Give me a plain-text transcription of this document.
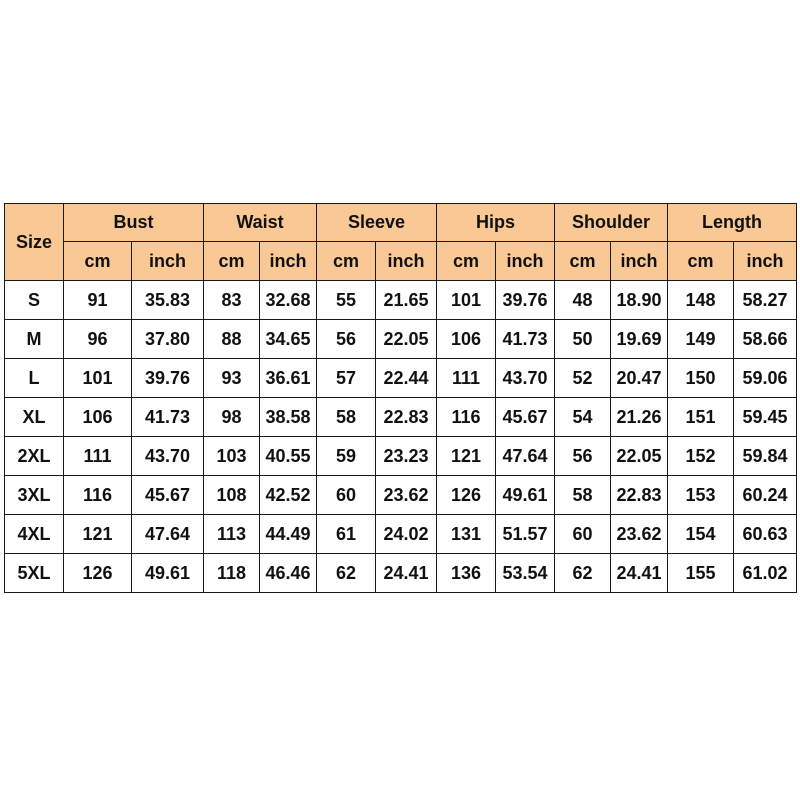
Size	Bust		Waist		Sleeve		Hips		Shoulder		Length	
	cm	inch	cm	inch	cm	inch	cm	inch	cm	inch	cm	inch
S	91	35.83	83	32.68	55	21.65	101	39.76	48	18.90	148	58.27
M	96	37.80	88	34.65	56	22.05	106	41.73	50	19.69	149	58.66
L	101	39.76	93	36.61	57	22.44	111	43.70	52	20.47	150	59.06
XL	106	41.73	98	38.58	58	22.83	116	45.67	54	21.26	151	59.45
2XL	111	43.70	103	40.55	59	23.23	121	47.64	56	22.05	152	59.84
3XL	116	45.67	108	42.52	60	23.62	126	49.61	58	22.83	153	60.24
4XL	121	47.64	113	44.49	61	24.02	131	51.57	60	23.62	154	60.63
5XL	126	49.61	118	46.46	62	24.41	136	53.54	62	24.41	155	61.02
